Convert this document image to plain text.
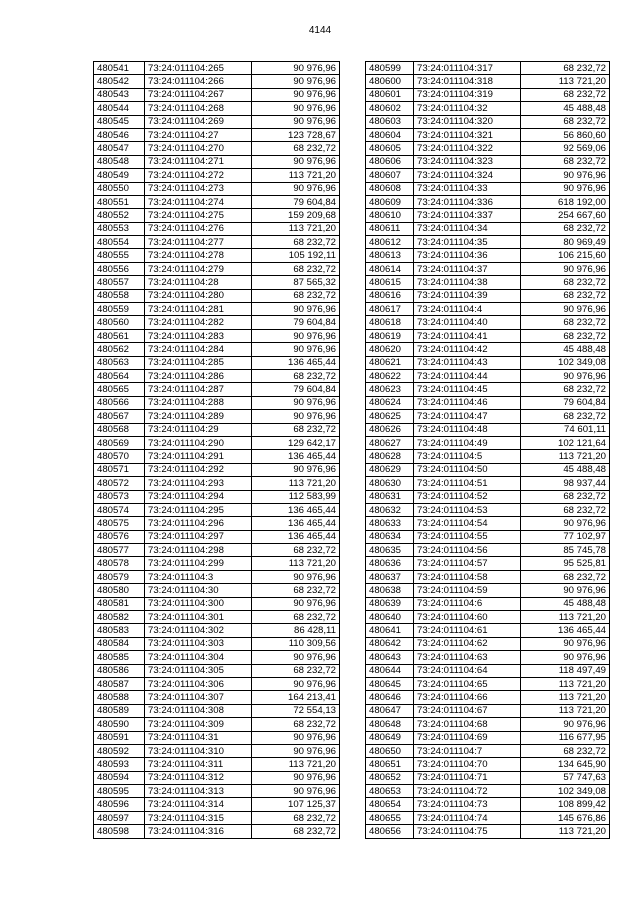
4144
480541	73:24:011104:265	90 976,96
480542	73:24:011104:266	90 976,96
480543	73:24:011104:267	90 976,96
480544	73:24:011104:268	90 976,96
480545	73:24:011104:269	90 976,96
480546	73:24:011104:27	123 728,67
480547	73:24:011104:270	68 232,72
480548	73:24:011104:271	90 976,96
480549	73:24:011104:272	113 721,20
480550	73:24:011104:273	90 976,96
480551	73:24:011104:274	79 604,84
480552	73:24:011104:275	159 209,68
480553	73:24:011104:276	113 721,20
480554	73:24:011104:277	68 232,72
480555	73:24:011104:278	105 192,11
480556	73:24:011104:279	68 232,72
480557	73:24:011104:28	87 565,32
480558	73:24:011104:280	68 232,72
480559	73:24:011104:281	90 976,96
480560	73:24:011104:282	79 604,84
480561	73:24:011104:283	90 976,96
480562	73:24:011104:284	90 976,96
480563	73:24:011104:285	136 465,44
480564	73:24:011104:286	68 232,72
480565	73:24:011104:287	79 604,84
480566	73:24:011104:288	90 976,96
480567	73:24:011104:289	90 976,96
480568	73:24:011104:29	68 232,72
480569	73:24:011104:290	129 642,17
480570	73:24:011104:291	136 465,44
480571	73:24:011104:292	90 976,96
480572	73:24:011104:293	113 721,20
480573	73:24:011104:294	112 583,99
480574	73:24:011104:295	136 465,44
480575	73:24:011104:296	136 465,44
480576	73:24:011104:297	136 465,44
480577	73:24:011104:298	68 232,72
480578	73:24:011104:299	113 721,20
480579	73:24:011104:3	90 976,96
480580	73:24:011104:30	68 232,72
480581	73:24:011104:300	90 976,96
480582	73:24:011104:301	68 232,72
480583	73:24:011104:302	86 428,11
480584	73:24:011104:303	110 309,56
480585	73:24:011104:304	90 976,96
480586	73:24:011104:305	68 232,72
480587	73:24:011104:306	90 976,96
480588	73:24:011104:307	164 213,41
480589	73:24:011104:308	72 554,13
480590	73:24:011104:309	68 232,72
480591	73:24:011104:31	90 976,96
480592	73:24:011104:310	90 976,96
480593	73:24:011104:311	113 721,20
480594	73:24:011104:312	90 976,96
480595	73:24:011104:313	90 976,96
480596	73:24:011104:314	107 125,37
480597	73:24:011104:315	68 232,72
480598	73:24:011104:316	68 232,72
480599	73:24:011104:317	68 232,72
480600	73:24:011104:318	113 721,20
480601	73:24:011104:319	68 232,72
480602	73:24:011104:32	45 488,48
480603	73:24:011104:320	68 232,72
480604	73:24:011104:321	56 860,60
480605	73:24:011104:322	92 569,06
480606	73:24:011104:323	68 232,72
480607	73:24:011104:324	90 976,96
480608	73:24:011104:33	90 976,96
480609	73:24:011104:336	618 192,00
480610	73:24:011104:337	254 667,60
480611	73:24:011104:34	68 232,72
480612	73:24:011104:35	80 969,49
480613	73:24:011104:36	106 215,60
480614	73:24:011104:37	90 976,96
480615	73:24:011104:38	68 232,72
480616	73:24:011104:39	68 232,72
480617	73:24:011104:4	90 976,96
480618	73:24:011104:40	68 232,72
480619	73:24:011104:41	68 232,72
480620	73:24:011104:42	45 488,48
480621	73:24:011104:43	102 349,08
480622	73:24:011104:44	90 976,96
480623	73:24:011104:45	68 232,72
480624	73:24:011104:46	79 604,84
480625	73:24:011104:47	68 232,72
480626	73:24:011104:48	74 601,11
480627	73:24:011104:49	102 121,64
480628	73:24:011104:5	113 721,20
480629	73:24:011104:50	45 488,48
480630	73:24:011104:51	98 937,44
480631	73:24:011104:52	68 232,72
480632	73:24:011104:53	68 232,72
480633	73:24:011104:54	90 976,96
480634	73:24:011104:55	77 102,97
480635	73:24:011104:56	85 745,78
480636	73:24:011104:57	95 525,81
480637	73:24:011104:58	68 232,72
480638	73:24:011104:59	90 976,96
480639	73:24:011104:6	45 488,48
480640	73:24:011104:60	113 721,20
480641	73:24:011104:61	136 465,44
480642	73:24:011104:62	90 976,96
480643	73:24:011104:63	90 976,96
480644	73:24:011104:64	118 497,49
480645	73:24:011104:65	113 721,20
480646	73:24:011104:66	113 721,20
480647	73:24:011104:67	113 721,20
480648	73:24:011104:68	90 976,96
480649	73:24:011104:69	116 677,95
480650	73:24:011104:7	68 232,72
480651	73:24:011104:70	134 645,90
480652	73:24:011104:71	57 747,63
480653	73:24:011104:72	102 349,08
480654	73:24:011104:73	108 899,42
480655	73:24:011104:74	145 676,86
480656	73:24:011104:75	113 721,20
